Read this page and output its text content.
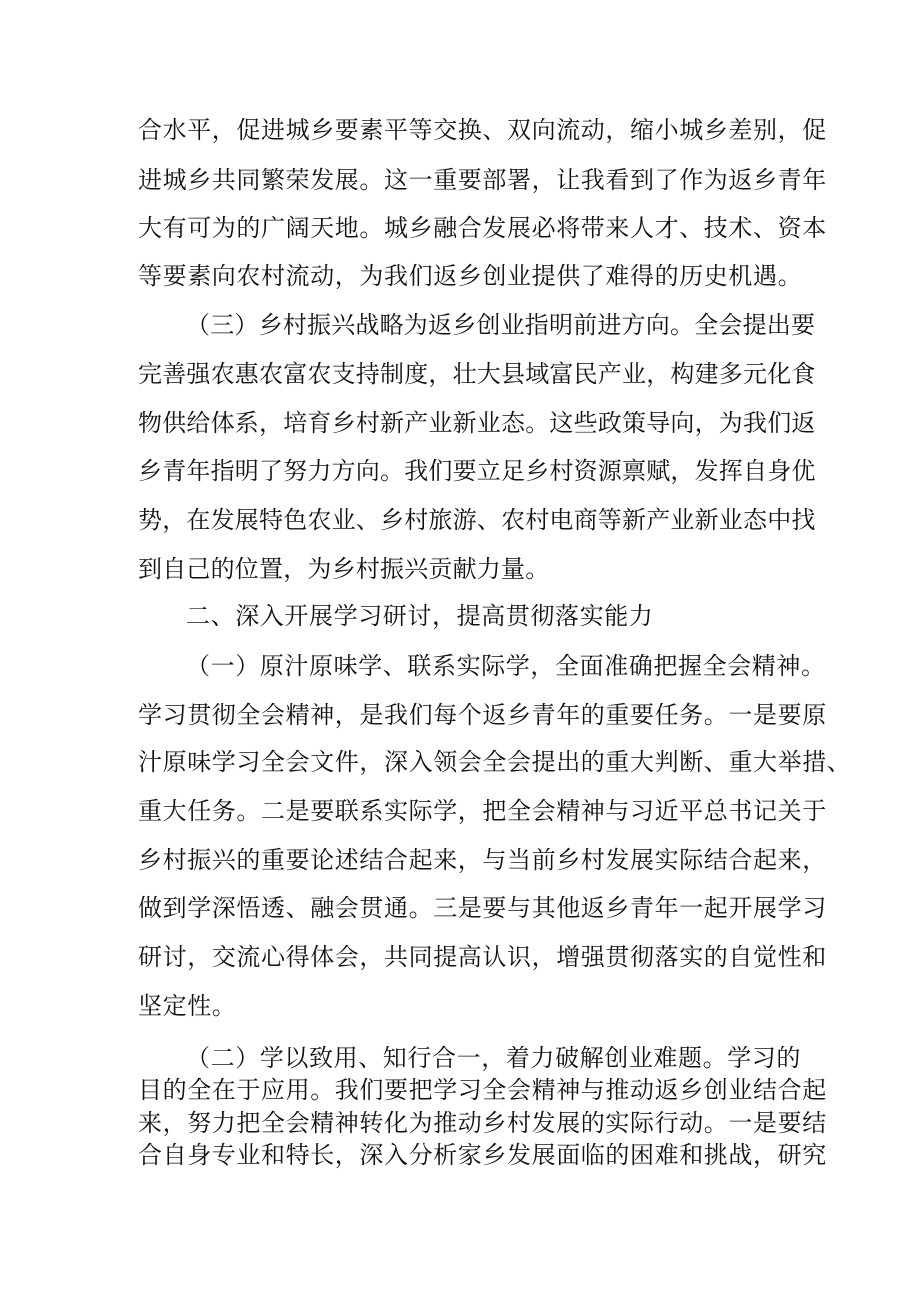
合水平，促进城乡要素平等交换、双向流动，缩小城乡差别，促

进城乡共同繁荣发展。这一重要部署，让我看到了作为返乡青年

大有可为的广阔天地。城乡融合发展必将带来人才、技术、资本

等要素向农村流动，为我们返乡创业提供了难得的历史机遇。

（三）乡村振兴战略为返乡创业指明前进方向。全会提出要

完善强农惠农富农支持制度，壮大县域富民产业，构建多元化食

物供给体系，培育乡村新产业新业态。这些政策导向，为我们返

乡青年指明了努力方向。我们要立足乡村资源禀赋，发挥自身优

势，在发展特色农业、乡村旅游、农村电商等新产业新业态中找

到自己的位置，为乡村振兴贡献力量。

二、深入开展学习研讨，提高贯彻落实能力

（一）原汁原味学、联系实际学，全面准确把握全会精神。

学习贯彻全会精神，是我们每个返乡青年的重要任务。一是要原

汁原味学习全会文件，深入领会全会提出的重大判断、重大举措、

重大任务。二是要联系实际学，把全会精神与习近平总书记关于

乡村振兴的重要论述结合起来，与当前乡村发展实际结合起来，

做到学深悟透、融会贯通。三是要与其他返乡青年一起开展学习

研讨，交流心得体会，共同提高认识，增强贯彻落实的自觉性和

坚定性。

（二）学以致用、知行合一，着力破解创业难题。学习的

目的全在于应用。我们要把学习全会精神与推动返乡创业结合起

来，努力把全会精神转化为推动乡村发展的实际行动。一是要结

合自身专业和特长，深入分析家乡发展面临的困难和挑战，研究
